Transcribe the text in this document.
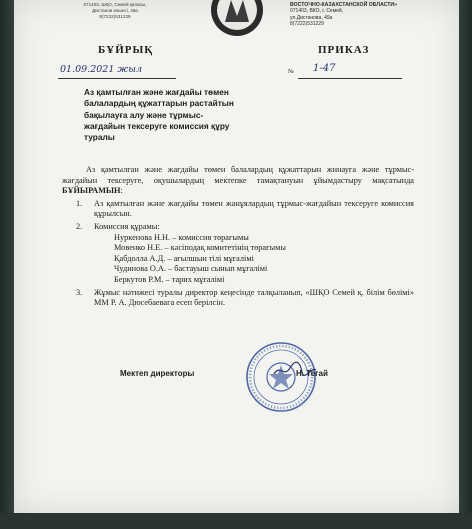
071403, ШҚО, Семей қаласы,
Дистанов көшесі, 49а
8(7222)531229
ВОСТОЧНО-КАЗАХСТАНСКОЙ ОБЛАСТИ»
071403, ВКО, г. Семей,
ул.Дистанова, 49а
8(7222)531229
БҰЙРЫҚ	ПРИКАЗ
01.09.2021 жыл	№ 1-47
Аз қамтылған және жағдайы төмен балалардың құжаттарын растайтын бақылауға алу және тұрмыс-жағдайын тексеруге комиссия құру туралы

Аз қамтылған және жағдайы төмен балалардың құжаттарын жинауға және тұрмыс-жағдайын тексеруге, оқушылардың мектепке тамақтануын ұйымдастыру мақсатында БҰЙЫРАМЫН:

1.	Аз қамтылған және жағдайы төмен жанұялардың тұрмыс-жағдайын тексеруге комиссия құрылсын.
2.	Комиссия құрамы:
Нуркенова Н.Н. – комиссия төрағымы
Мовенко Н.Е. – кәсіподақ комитетінің төрағымы
Қабдолла А.Д. – ағылшын тілі мұғалімі
Чудинова О.А. – бастауыш сынып мұғалімі
Беркутов Р.М. – тарих мұғалімі
3.	Жұмыс нәтижесі туралы директор кеңесінде талқыланып, «ШҚО Семей қ. білім бөлімі» ММ Р. А. Дюсебаевага есеп берілсін.
Мектеп директоры	Н. Тегай
